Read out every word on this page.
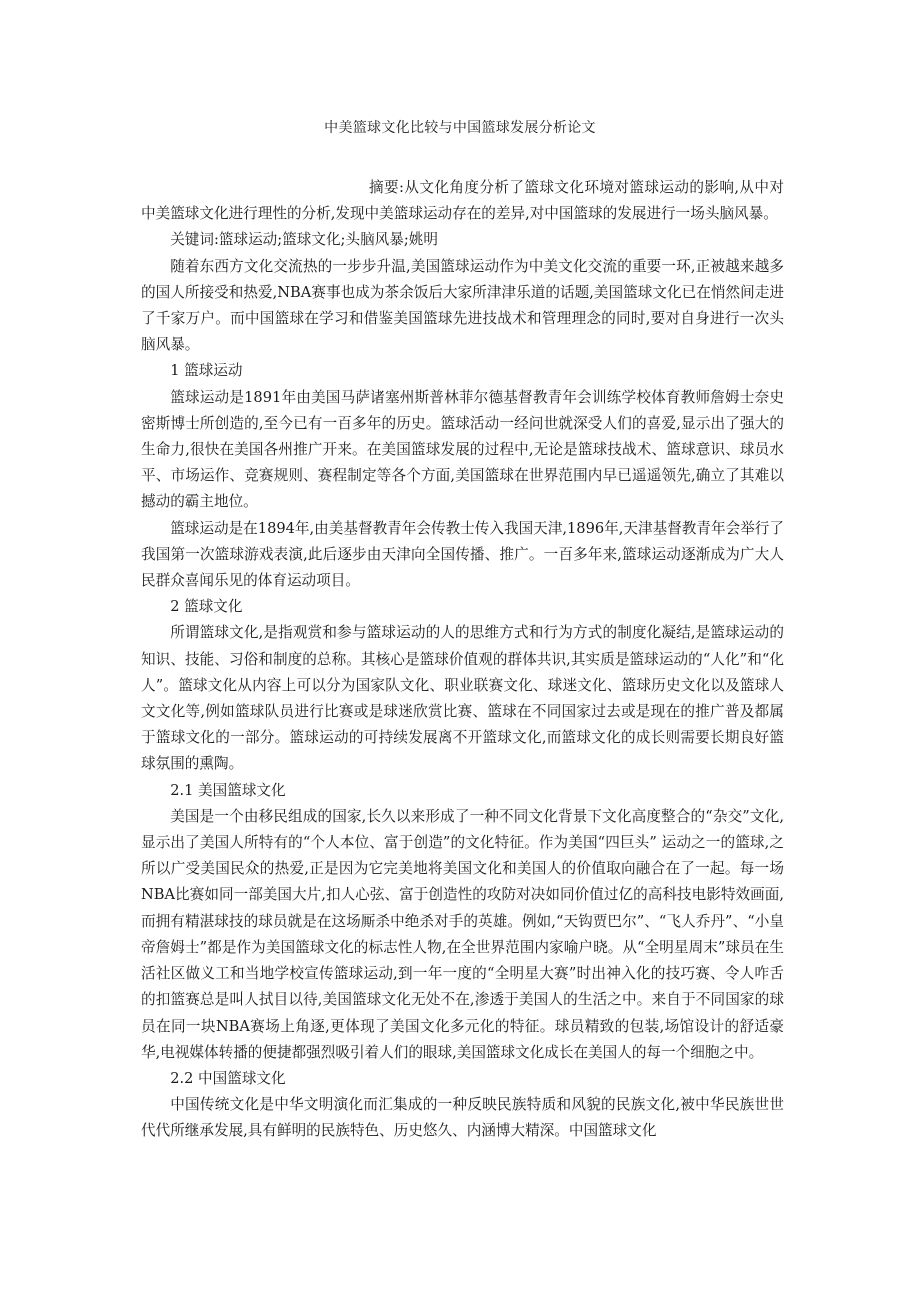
中美篮球文化比较与中国篮球发展分析论文

摘要:从文化角度分析了篮球文化环境对篮球运动的影响,从中对中美篮球文化进行理性的分析,发现中美篮球运动存在的差异,对中国篮球的发展进行一场头脑风暴。

关键词:篮球运动;篮球文化;头脑风暴;姚明

随着东西方文化交流热的一步步升温,美国篮球运动作为中美文化交流的重要一环,正被越来越多的国人所接受和热爱,NBA赛事也成为茶余饭后大家所津津乐道的话题,美国篮球文化已在悄然间走进了千家万户。而中国篮球在学习和借鉴美国篮球先进技战术和管理理念的同时,要对自身进行一次头脑风暴。

1 篮球运动

篮球运动是1891年由美国马萨诸塞州斯普林菲尔德基督教青年会训练学校体育教师詹姆士奈史密斯博士所创造的,至今已有一百多年的历史。篮球活动一经问世就深受人们的喜爱,显示出了强大的生命力,很快在美国各州推广开来。在美国篮球发展的过程中,无论是篮球技战术、篮球意识、球员水平、市场运作、竞赛规则、赛程制定等各个方面,美国篮球在世界范围内早已遥遥领先,确立了其难以撼动的霸主地位。

篮球运动是在1894年,由美基督教青年会传教士传入我国天津,1896年,天津基督教青年会举行了我国第一次篮球游戏表演,此后逐步由天津向全国传播、推广。一百多年来,篮球运动逐渐成为广大人民群众喜闻乐见的体育运动项目。

2 篮球文化

所谓篮球文化,是指观赏和参与篮球运动的人的思维方式和行为方式的制度化凝结,是篮球运动的知识、技能、习俗和制度的总称。其核心是篮球价值观的群体共识,其实质是篮球运动的“人化”和“化人”。篮球文化从内容上可以分为国家队文化、职业联赛文化、球迷文化、篮球历史文化以及篮球人文文化等,例如篮球队员进行比赛或是球迷欣赏比赛、篮球在不同国家过去或是现在的推广普及都属于篮球文化的一部分。篮球运动的可持续发展离不开篮球文化,而篮球文化的成长则需要长期良好篮球氛围的熏陶。

2.1 美国篮球文化

美国是一个由移民组成的国家,长久以来形成了一种不同文化背景下文化高度整合的“杂交”文化,显示出了美国人所特有的“个人本位、富于创造”的文化特征。作为美国“四巨头” 运动之一的篮球,之所以广受美国民众的热爱,正是因为它完美地将美国文化和美国人的价值取向融合在了一起。每一场NBA比赛如同一部美国大片,扣人心弦、富于创造性的攻防对决如同价值过亿的高科技电影特效画面,而拥有精湛球技的球员就是在这场厮杀中绝杀对手的英雄。例如,“天钩贾巴尔”、“飞人乔丹”、“小皇帝詹姆士”都是作为美国篮球文化的标志性人物,在全世界范围内家喻户晓。从“全明星周末”球员在生活社区做义工和当地学校宣传篮球运动,到一年一度的“全明星大赛”时出神入化的技巧赛、令人咋舌的扣篮赛总是叫人拭目以待,美国篮球文化无处不在,渗透于美国人的生活之中。来自于不同国家的球员在同一块NBA赛场上角逐,更体现了美国文化多元化的特征。球员精致的包装,场馆设计的舒适豪华,电视媒体转播的便捷都强烈吸引着人们的眼球,美国篮球文化成长在美国人的每一个细胞之中。

2.2 中国篮球文化

中国传统文化是中华文明演化而汇集成的一种反映民族特质和风貌的民族文化,被中华民族世世代代所继承发展,具有鲜明的民族特色、历史悠久、内涵博大精深。中国篮球文化
